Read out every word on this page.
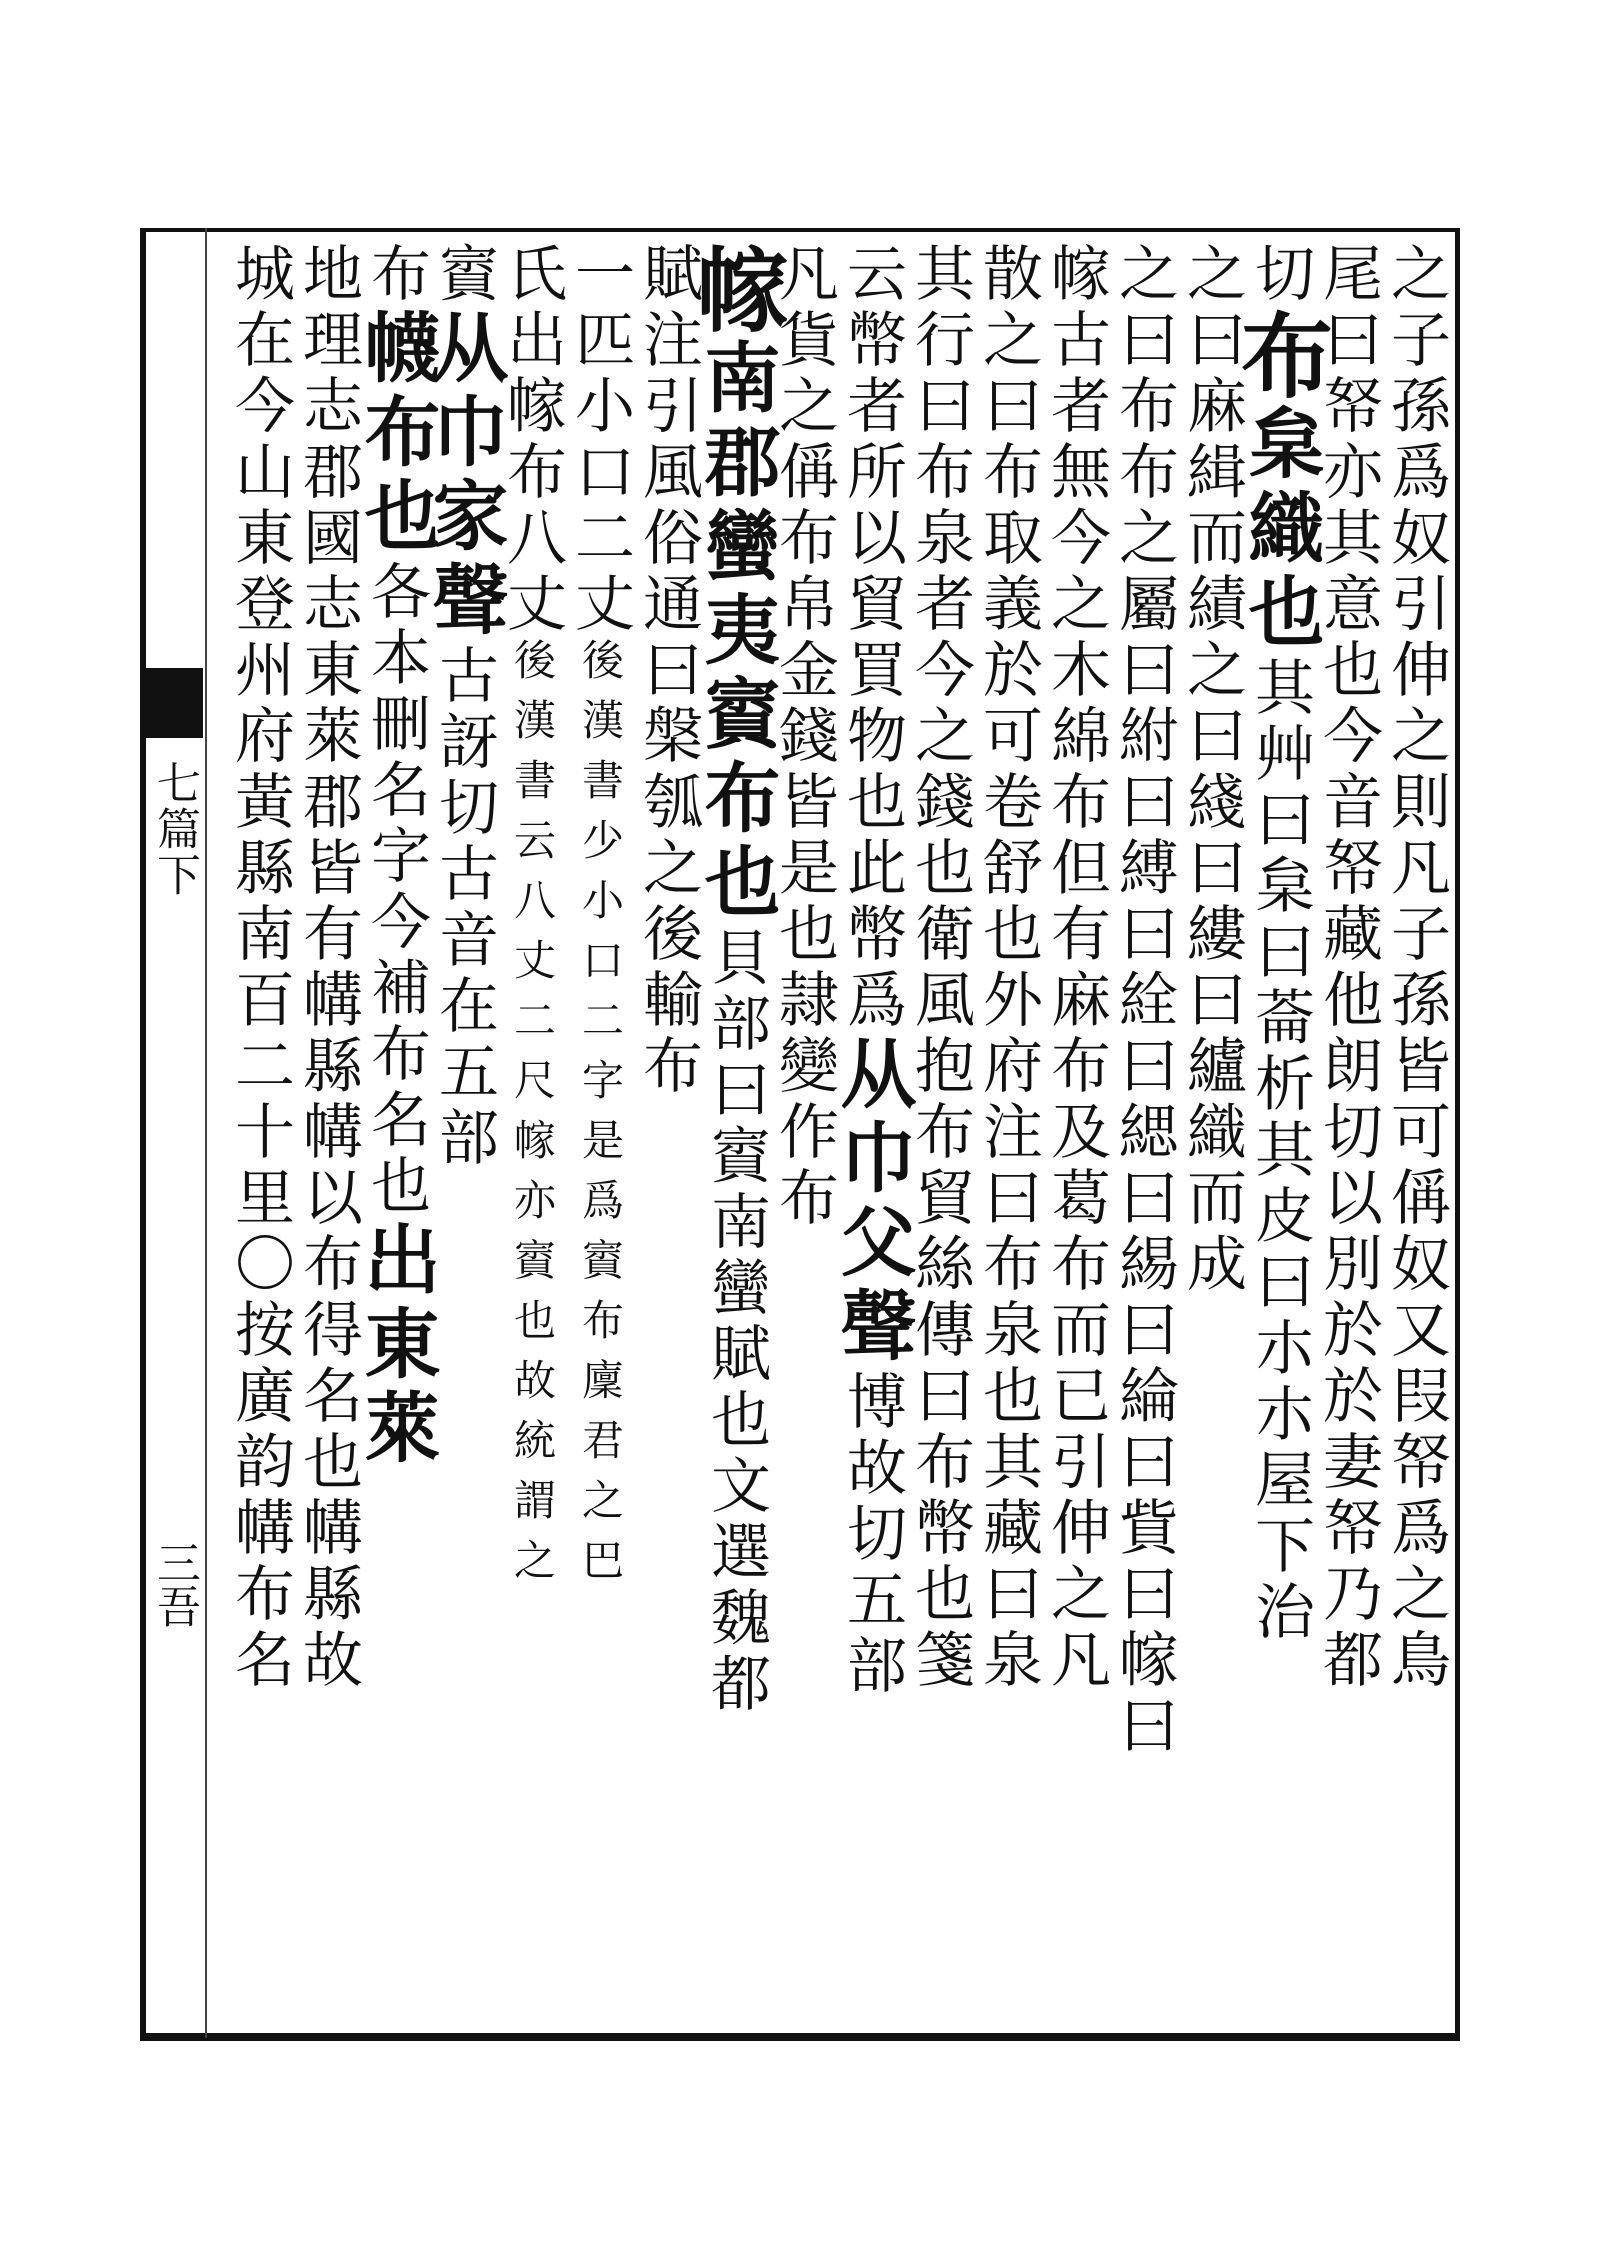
七篇下
三吾	之子孫爲奴引伸之則凡子孫皆可偁奴又叚帑爲之鳥
尾曰帑亦其意也今音帑藏他朗切以別於於妻帑乃都
切布枲織也其艸曰枲曰菕析其皮曰朩朩屋下治
之曰麻緝而績之曰綫曰縷曰纑織而成
之曰布布之屬曰紨曰縛曰絟曰緦曰緆曰綸曰貲曰幏曰
幏古者無今之木綿布但有麻布及葛布而已引伸之凡
散之曰布取義於可卷舒也外府注曰布泉也其藏曰泉
其行曰布泉者今之錢也衛風抱布貿絲傳曰布幣也箋
云幣者所以貿買物也此幣爲从巾父聲博故切五部
凡貨之偁布帛金錢皆是也隷變作布
幏南郡蠻夷賨布也貝部曰賨南蠻賦也文選魏都
賦注引風俗通曰槃瓠之後輸布
一匹小口二丈後漢書少小口二字是爲賨布廩君之巴
氏出幏布八丈後漢書云八丈二尺幏亦賨也故統謂之
賨从巾家聲古訝切古音在五部
布幭布也各本刪名字今補布名也出東萊
地理志郡國志東萊郡皆有㡚縣㡚以布得名也㡚縣故
城在今山東登州府黃縣南百二十里〇按廣韵㡚布名
